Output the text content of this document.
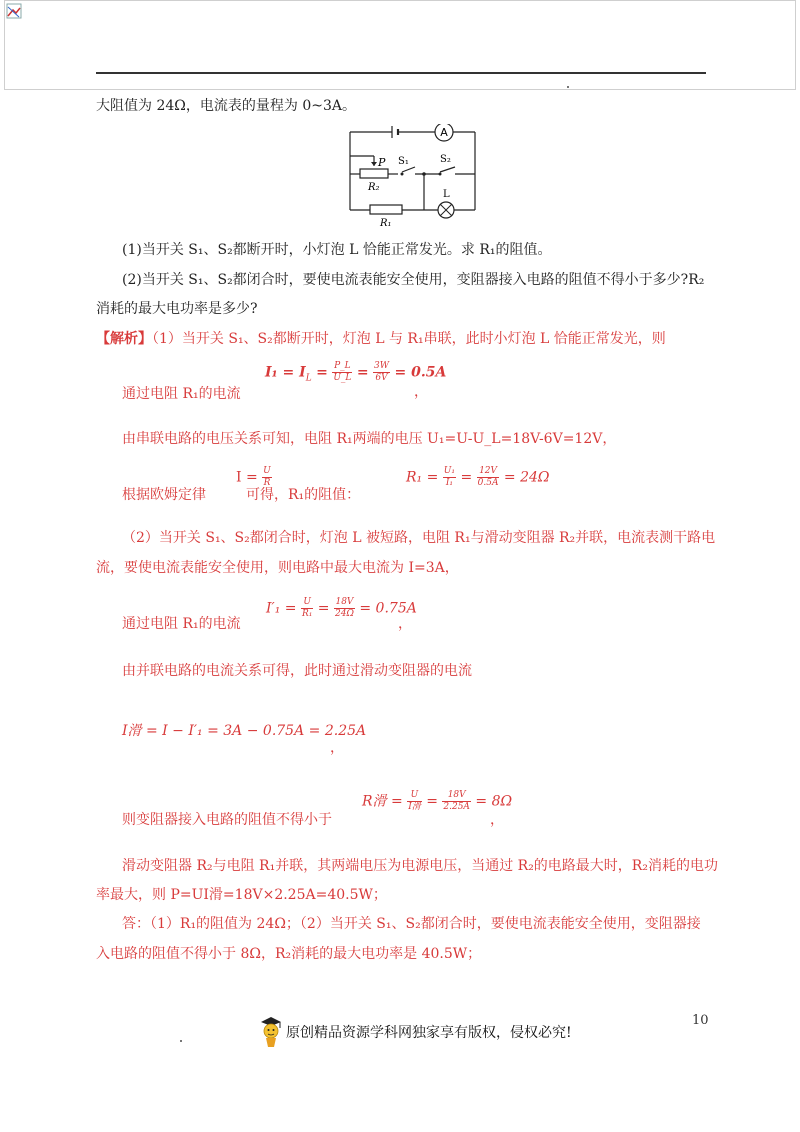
大阻值为 24Ω，电流表的量程为 0~3A。
A
P
R₂
S₁	S₂
L
R₁
(1)当开关 S₁、S₂都断开时，小灯泡 L 恰能正常发光。求 R₁的阻值。
(2)当开关 S₁、S₂都闭合时，要使电流表能安全使用，变阻器接入电路的阻值不得小于多少?R₂
消耗的最大电功率是多少?
【解析】（1）当开关 S₁、S₂都断开时，灯泡 L 与 R₁串联，此时小灯泡 L 恰能正常发光，则
$I_1 = I_L = \frac{P\_L}{U\_L} = \frac{3W}{6V} = 0.5A$
通过电阻 R₁的电流	，
由串联电路的电压关系可知，电阻 R₁两端的电压 U₁=U-U_L=18V-6V=12V，
$I = \frac{U}{R}$
根据欧姆定律	可得，R₁的阻值：
$R_1 = \frac{\text{U₁}}{\text{I₁}} = \frac{12V}{0.5A} = 24\Omega$
（2）当开关 S₁、S₂都闭合时，灯泡 L 被短路，电阻 R₁与滑动变阻器 R₂并联，电流表测干路电
流，要使电流表能安全使用，则电路中最大电流为 I=3A，
$I'_1 = \frac{U}{\text{R₁}} = \frac{18V}{24\Omega} = 0.75A$
通过电阻 R₁的电流	，
由并联电路的电流关系可得，此时通过滑动变阻器的电流
I滑 = I − I′₁ = 3A − 0.75A = 2.25A
，
R滑 = $\frac{U}{\text{I滑}} = \frac{18V}{2.25A} = 8\Omega$
则变阻器接入电路的阻值不得小于	，
滑动变阻器 R₂与电阻 R₁并联，其两端电压为电源电压，当通过 R₂的电路最大时，R₂消耗的电功
率最大，则 P=UI滑=18V×2.25A=40.5W；
答：（1）R₁的阻值为 24Ω；（2）当开关 S₁、S₂都闭合时，要使电流表能安全使用，变阻器接
入电路的阻值不得小于 8Ω，R₂消耗的最大电功率是 40.5W；
10
原创精品资源学科网独家享有版权，侵权必究!
